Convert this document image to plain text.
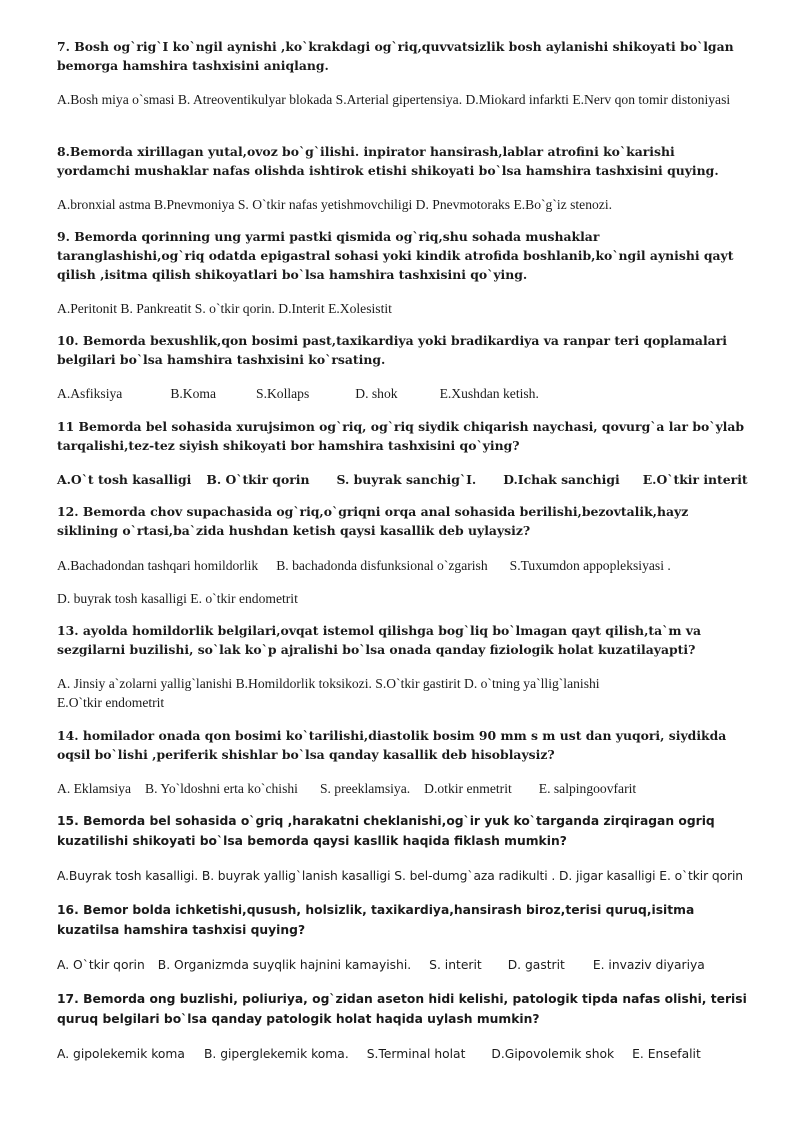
7. Bosh og`rig`I ko`ngil aynishi ,ko`krakdagi og`riq,quvvatsizlik bosh aylanishi shikoyati bo`lgan bemorga hamshira tashxisini aniqlang.

A.Bosh miya o`smasi B. Atreoventikulyar blokada S.Arterial gipertensiya. D.Miokard infarkti E.Nerv qon tomir distoniyasi

8.Bemorda xirillagan yutal,ovoz bo`g`ilishi. inpirator hansirash,lablar atrofini ko`karishi yordamchi mushaklar nafas olishda ishtirok etishi shikoyati bo`lsa hamshira tashxisini quying.

A.bronxial astma B.Pnevmoniya S. O`tkir nafas yetishmovchiligi D. Pnevmotoraks E.Bo`g`iz stenozi.

9. Bemorda qorinning ung yarmi pastki qismida og`riq,shu sohada mushaklar taranglashishi,og`riq odatda epigastral sohasi yoki kindik atrofida boshlanib,ko`ngil aynishi qayt qilish ,isitma qilish shikoyatlari bo`lsa hamshira tashxisini qo`ying.

A.Peritonit B. Pankreatit S. o`tkir qorin. D.Interit E.Xolesistit

10. Bemorda bexushlik,qon bosimi past,taxikardiya yoki bradikardiya va ranpar teri qoplamalari belgilari bo`lsa hamshira tashxisini ko`rsating.

A.Asfiksiya	B.Koma	S.Kollaps	D. shok	E.Xushdan ketish.

11 Bemorda bel sohasida xurujsimon og`riq, og`riq siydik chiqarish naychasi, qovurg`a lar bo`ylab tarqalishi,tez-tez siyish shikoyati bor hamshira tashxisini qo`ying?

A.O`t tosh kasalligi B. O`tkir qorin S. buyrak sanchig`I. D.Ichak sanchigi E.O`tkir interit

12. Bemorda chov supachasida og`riq,o`griqni orqa anal sohasida berilishi,bezovtalik,hayz siklining o`rtasi,ba`zida hushdan ketish qaysi kasallik deb uylaysiz?

A.Bachadondan tashqari homildorlik B. bachadonda disfunksional o`zgarish S.Tuxumdon appopleksiyasi .

D. buyrak tosh kasalligi E. o`tkir endometrit

13. ayolda homildorlik belgilari,ovqat istemol qilishga bog`liq bo`lmagan qayt qilish,ta`m va sezgilarni buzilishi, so`lak ko`p ajralishi bo`lsa onada qanday fiziologik holat kuzatilayapti?

A. Jinsiy a`zolarni yallig`lanishi B.Homildorlik toksikozi. S.O`tkir gastirit D. o`tning ya`llig`lanishi

E.O`tkir endometrit

14. homilador onada qon bosimi ko`tarilishi,diastolik bosim 90 mm s m ust dan yuqori, siydikda oqsil bo`lishi ,periferik shishlar bo`lsa qanday kasallik deb hisoblaysiz?

A. Eklamsiya B. Yo`ldoshni erta ko`chishi S. preeklamsiya. D.otkir enmetrit E. salpingoovfarit

15. Bemorda bel sohasida o`griq ,harakatni cheklanishi,og`ir yuk ko`targanda zirqiragan ogriq kuzatilishi shikoyati bo`lsa bemorda qaysi kasllik haqida fiklash mumkin?

A.Buyrak tosh kasalligi. B. buyrak yallig`lanish kasalligi S. bel-dumg`aza radikulti . D. jigar kasalligi E. o`tkir qorin

16. Bemor bolda ichketishi,qusush, holsizlik, taxikardiya,hansirash biroz,terisi quruq,isitma kuzatilsa hamshira tashxisi quying?

A. O`tkir qorin B. Organizmda suyqlik hajnini kamayishi. S. interit D. gastrit E. invaziv diyariya

17. Bemorda ong buzlishi, poliuriya, og`zidan aseton hidi kelishi, patologik tipda nafas olishi, terisi quruq belgilari bo`lsa qanday patologik holat haqida uylash mumkin?

A. gipolekemik koma B. giperglekemik koma. S.Terminal holat D.Gipovolemik shok E. Ensefalit
